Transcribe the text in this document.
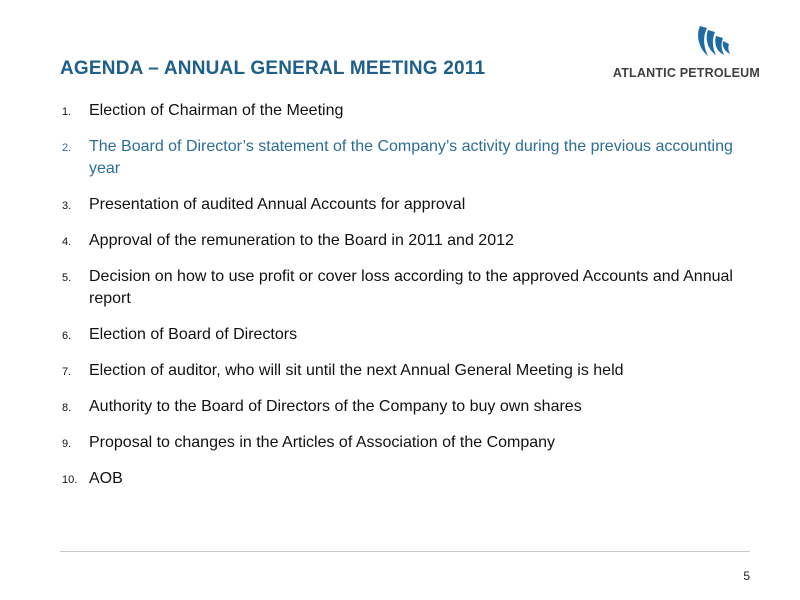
AGENDA – ANNUAL GENERAL MEETING 2011	ATLANTIC PETROLEUM
1. Election of Chairman of the Meeting
2. The Board of Director’s statement of the Company’s activity during the previous accounting year
3. Presentation of audited Annual Accounts for approval
4. Approval of the remuneration to the Board in 2011 and 2012
5. Decision on how to use profit or cover loss according to the approved Accounts and Annual report
6. Election of Board of Directors
7. Election of auditor, who will sit until the next Annual General Meeting is held
8. Authority to the Board of Directors of the Company to buy own shares
9. Proposal to changes in the Articles of Association of the Company
10. AOB
5
